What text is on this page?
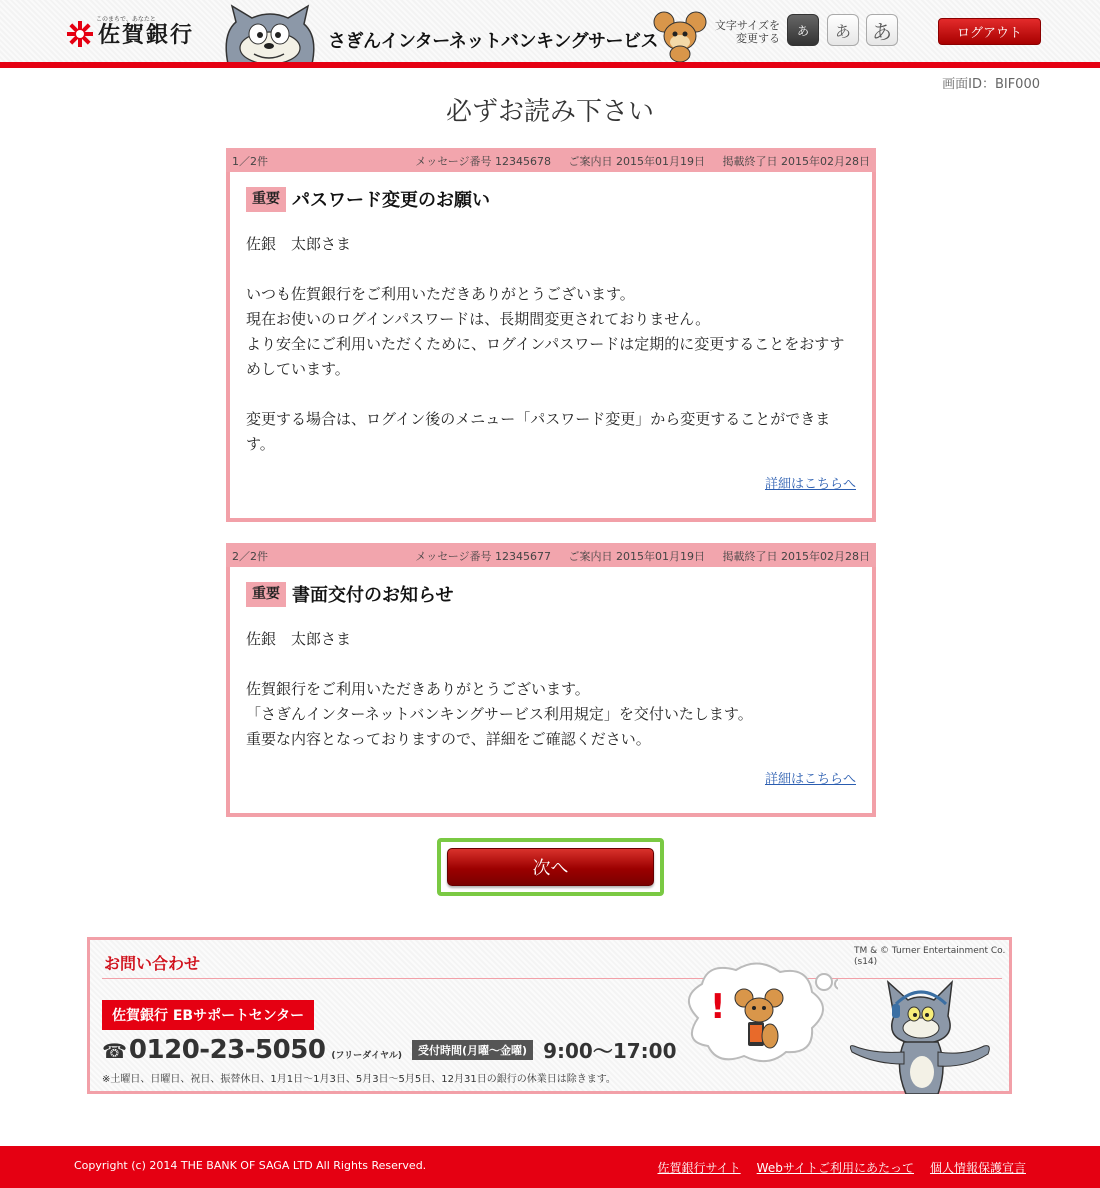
このまちで、あなたと
佐賀銀行	さぎんインターネットバンキングサービス
文字サイズを変更する
あ	あ	あ	ログアウト
画面ID：BIF000
必ずお読み下さい
1／2件	メッセージ番号 12345678 ご案内日 2015年01月19日 掲載終了日 2015年02月28日
重要 パスワード変更のお願い

佐銀　太郎さま

いつも佐賀銀行をご利用いただきありがとうございます。

現在お使いのログインパスワードは、長期間変更されておりません。

より安全にご利用いただくために、ログインパスワードは定期的に変更することをおすすめしています。

変更する場合は、ログイン後のメニュー「パスワード変更」から変更することができます。

詳細はこちらへ
2／2件	メッセージ番号 12345677 ご案内日 2015年01月19日 掲載終了日 2015年02月28日
重要 書面交付のお知らせ

佐銀　太郎さま

佐賀銀行をご利用いただきありがとうございます。

「さぎんインターネットバンキングサービス利用規定」を交付いたします。

重要な内容となっておりますので、詳細をご確認ください。

詳細はこちらへ
次へ
お問い合わせ
TM & © Turner Entertainment Co. (s14)
佐賀銀行 EBサポートセンター
☎ 0120-23-5050 (フリーダイヤル)	受付時間(月曜～金曜) 9:00～17:00
※土曜日、日曜日、祝日、振替休日、1月1日～1月3日、5月3日～5月5日、12月31日の銀行の休業日は除きます。
!
Copyright (c) 2014 THE BANK OF SAGA LTD All Rights Reserved.	佐賀銀行サイト Webサイトご利用にあたって 個人情報保護宣言
